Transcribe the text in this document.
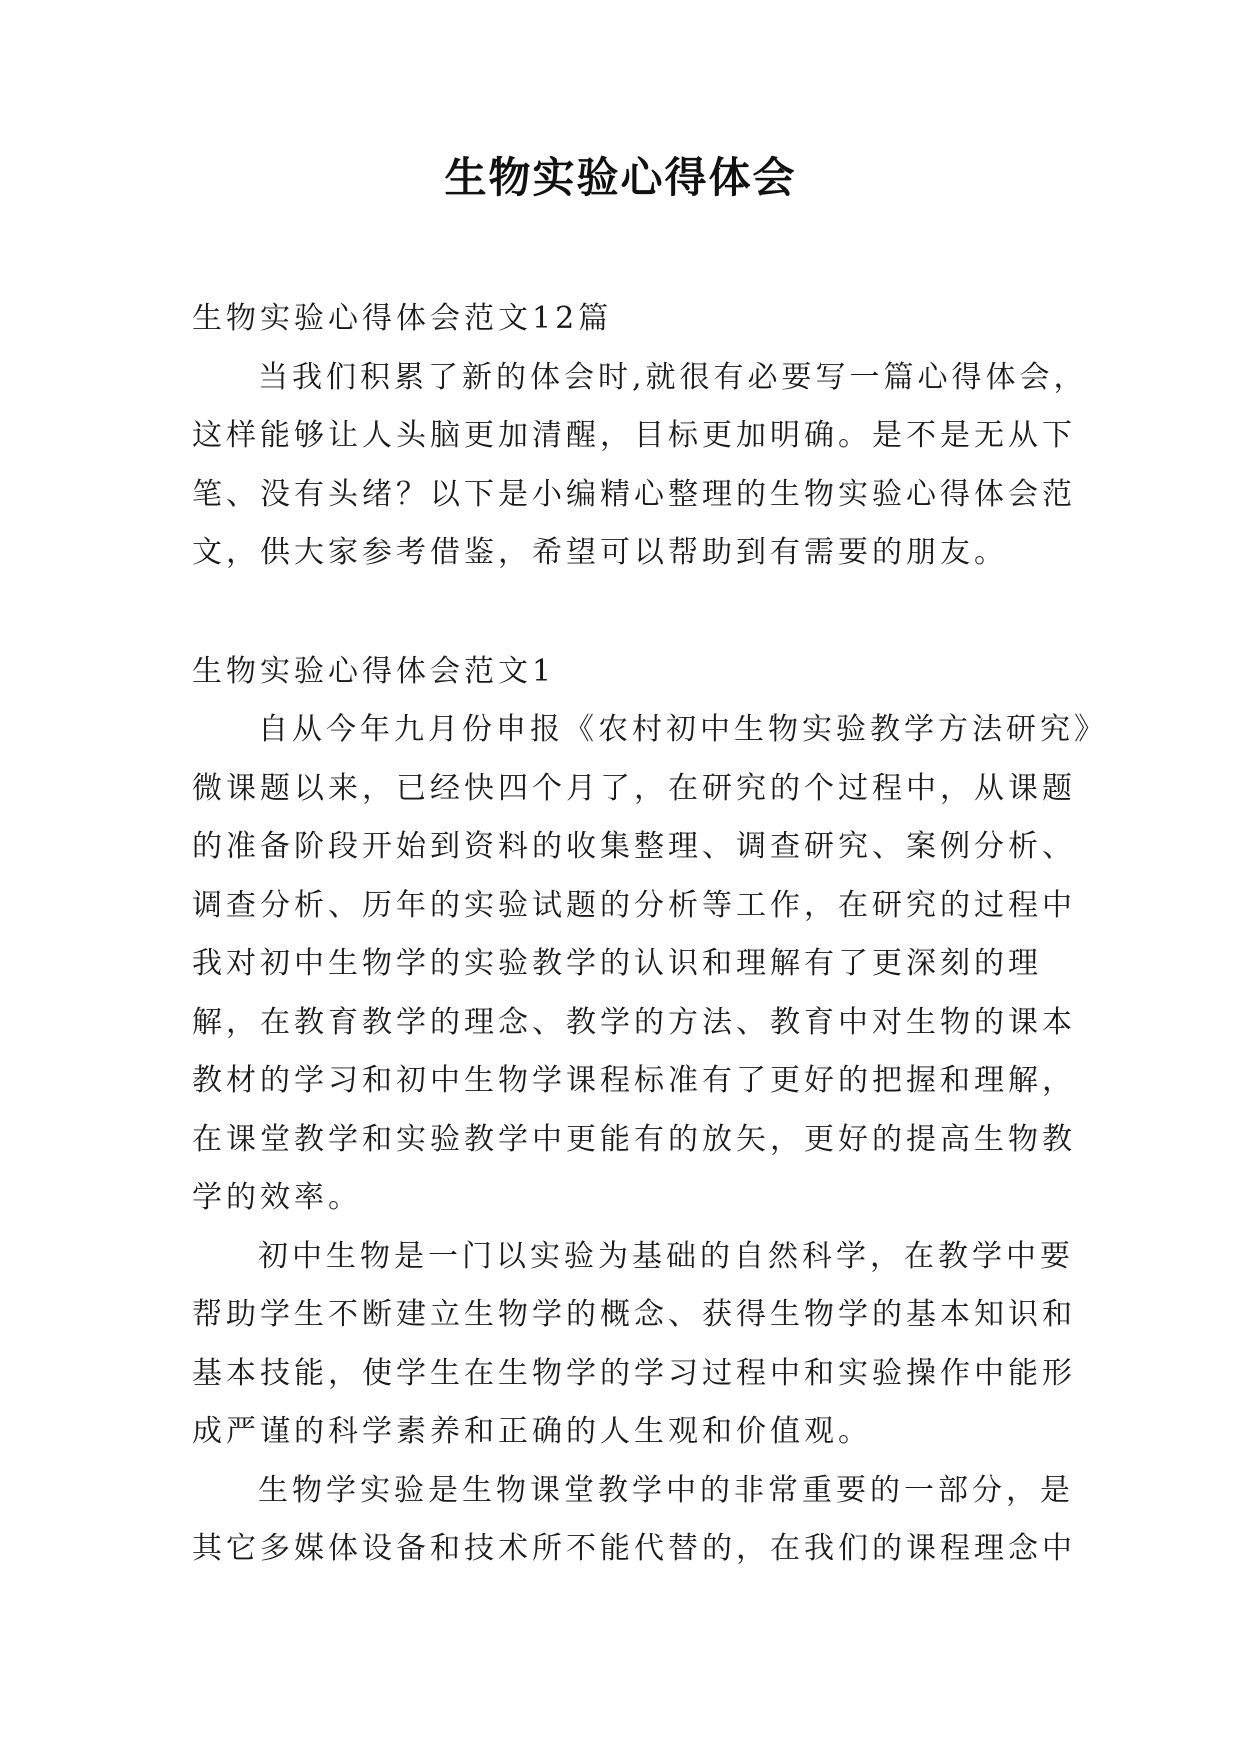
生物实验心得体会
生物实验心得体会范文12篇
当我们积累了新的体会时,就很有必要写一篇心得体会，
这样能够让人头脑更加清醒，目标更加明确。是不是无从下
笔、没有头绪？以下是小编精心整理的生物实验心得体会范
文，供大家参考借鉴，希望可以帮助到有需要的朋友。
生物实验心得体会范文1
自从今年九月份申报《农村初中生物实验教学方法研究》
微课题以来，已经快四个月了，在研究的个过程中，从课题
的准备阶段开始到资料的收集整理、调查研究、案例分析、
调查分析、历年的实验试题的分析等工作，在研究的过程中
我对初中生物学的实验教学的认识和理解有了更深刻的理
解，在教育教学的理念、教学的方法、教育中对生物的课本
教材的学习和初中生物学课程标准有了更好的把握和理解，
在课堂教学和实验教学中更能有的放矢，更好的提高生物教
学的效率。
初中生物是一门以实验为基础的自然科学，在教学中要
帮助学生不断建立生物学的概念、获得生物学的基本知识和
基本技能，使学生在生物学的学习过程中和实验操作中能形
成严谨的科学素养和正确的人生观和价值观。
生物学实验是生物课堂教学中的非常重要的一部分，是
其它多媒体设备和技术所不能代替的，在我们的课程理念中
